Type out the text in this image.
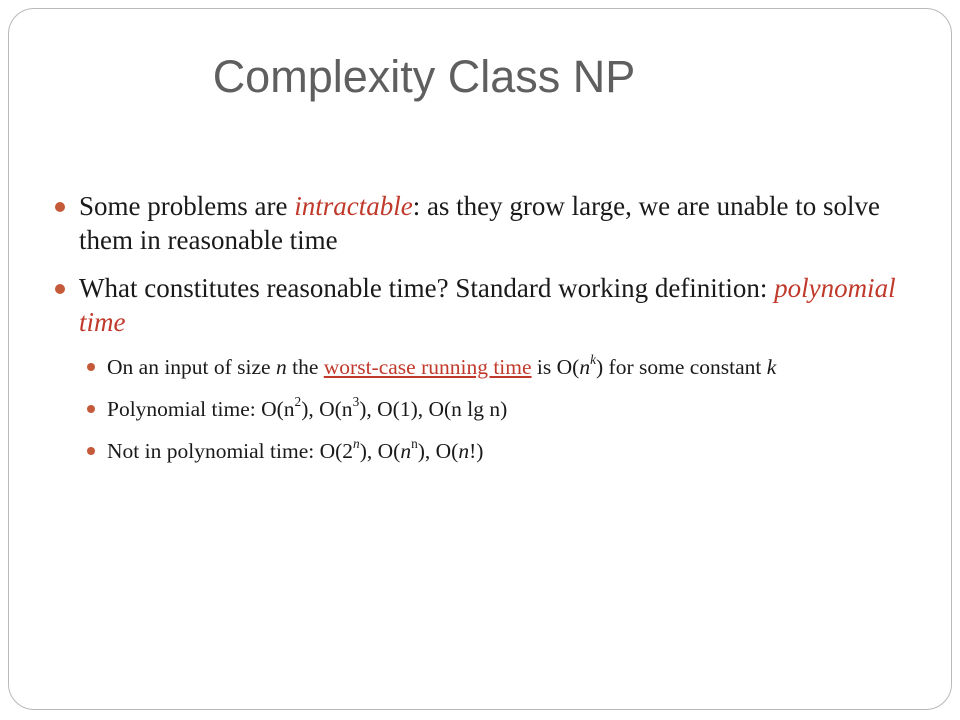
Complexity Class NP
Some problems are intractable: as they grow large, we are unable to solve them in reasonable time
What constitutes reasonable time? Standard working definition: polynomial time
On an input of size n the worst-case running time is $O(n^k)$ for some constant k
Polynomial time: $O(n^2)$, $O(n^3)$, O(1), O(n lg n)
Not in polynomial time: O(2$^n$), $O(n^n)$, O(n!)
